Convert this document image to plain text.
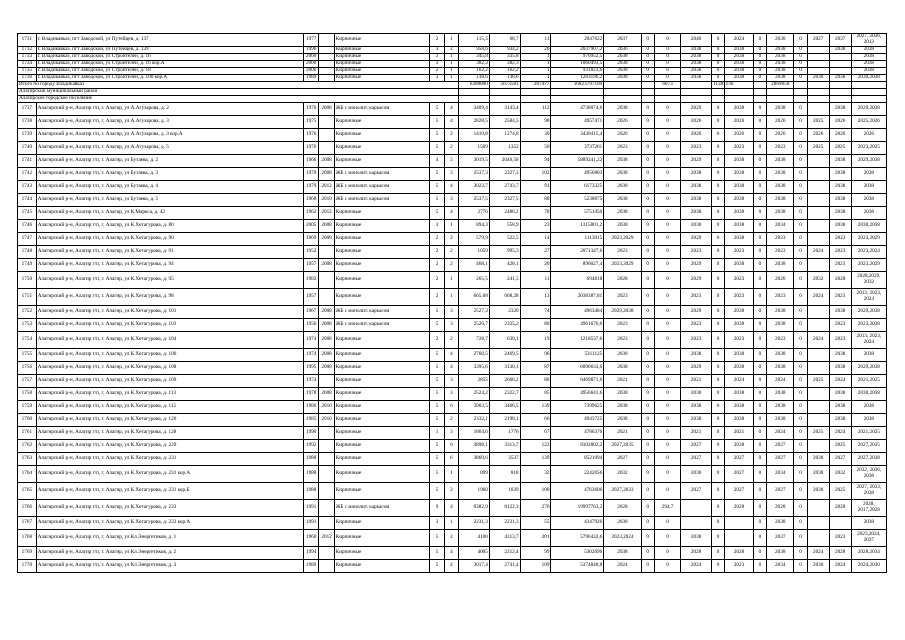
1731	г. Владикавказ, пгт Заводской, ул Путейцев, д. 137	1977		Кирпичные	2	1	115,5	68,7	11	2047622	2037	0	0	2046	0	2024	0	2030	0	2027	2037	2027, 2036, 2013
1732	г. Владикавказ, пгт Заводской, ул Путейцев, д. 139	1996		Кирпичные	3	2	958,6	934,2	26	2037907,2	2036	0	0	2038	0	2038	0	2038	0		2038	2038
1733	г. Владикавказ, пгт Заводской, ул Строителей, д. 16	2000		Кирпичные	3	1	345,8	335,8	1	976952,5	2038	0	0	2038	0	2038	0	2038	0			2038
1734	г. Владикавказ, пгт Заводской, ул Строителей, д. 16 кор.А	2000		Кирпичные	3	1	382,3	382,3	1	1060493,5	2038	0	0	2038	0	2038	0	2038	0			2038
1735	г. Владикавказ, пгт Заводской, ул Строителей, д. 18	2000		Кирпичные	2	1	162,2	162,2	1	931823,6	2038	0	0	2038	0	2038	0	2038	0			2038
1736	г. Владикавказ, пгт Заводской, ул Строителей, д. 100 кор.А	1989		Кирпичные	3	1	138,6	138,6	1	1283196,2	2038	0	0	2038	0	2038	0	2038	0	2030	2038	2030,2038
Итого по городу Владикавказ							6308800	5673581	207477	16823797109			6073		11381136			2869858				
Алагирский муниципальный район																						
Алагирское городское поселение																						
1737	Алагирский р-н, Алагир г/п, г. Алагир, ул А.Агузарова, д. 2	1970	2008	ЖБ с монолит. каркасом	5	4	3409,4	3143,4	112	4738074,6	2038	0	0	2029	0	2038	0	2038	0		2038	2029,2038
1738	Алагирский р-н, Алагир г/п, г. Алагир, ул А.Агузарова, д. 3	1975		Кирпичные	5	4	2828,5	2584,5	98	4957471	2026	0	0	2026	0	2026	0	2026	0	2025	2026	2025,2026
1739	Алагирский р-н, Алагир г/п, г. Алагир, ул А.Агузарова, д. 3 кор.А	1976		Кирпичные	5	2	1410,8	1274,8	30	3430415,4	2026	0	0	2026	0	2026	0	2026	0	2026	2026	2026
1740	Алагирский р-н, Алагир г/п, г. Алагир, ул А.Агузарова, д. 5	1976		Кирпичные	5	2	1509	1352	50	3737261	2023	0	0	2023	0	2023	0	2023	0	2025	2025	2023,2025
1741	Алагирский р-н, Алагир г/п, г. Алагир, ул Бутаева, д. 2	1966	2008	Кирпичные	4	5	3019,5	2046,58	94	5889241,22	2038	0	0	2029	0	2038	0	2038	0		2038	2029,2038
1742	Алагирский р-н, Алагир г/п, г. Алагир, ул Бутаева, д. 3	1970	2008	ЖБ с монолит. каркасом	5	3	2537,3	2327,3	102	4956803	2038	0	0	2038	0	2038	0	2038	0		2038	2038
1743	Алагирский р-н, Алагир г/п, г. Алагир, ул Бутаева, д. 4	1979	2012	ЖБ с монолит. каркасом	5	4	3023,7	2743,7	91	6173325	2038	0	0	2038	0	2038	0	2038	0		2038	2038
1744	Алагирский р-н, Алагир г/п, г. Алагир, ул Бутаева, д. 5	1968	2010	ЖБ с монолит. каркасом	5	3	2537,5	2327,5	88	5238875	2038	0	0	2038	0	2038	0	2038	0		2038	2038
1745	Алагирский р-н, Алагир г/п, г. Алагир, ул К.Маркса, д. 42	1962	2012	Кирпичные	5	4	2776	2486,2	78	5751450	2038	0	0	2038	0	2038	0	2038	0		2038	2038
1746	Алагирский р-н, Алагир г/п, г. Алагир, ул К.Хетагурова, д. 80	2005	2008	Кирпичные	3	1	894,3	558,9	23	1315801,2	2038	0	0	2030	0	2038	0	2034	0		2038	2030,2038
1747	Алагирский р-н, Алагир г/п, г. Алагир, ул К.Хетагурова, д. 90	1969	2008	Кирпичные	2	2	579,9	522,5	14	1113015	2023,2029	0	0	2029	0	2038	0	2023	0		2023	2023,2029
1748	Алагирский р-н, Алагир г/п, г. Алагир, ул К.Хетагурова, д. 91	1952		Кирпичные	2	2	1059	995,3	27	2071347,6	2023	0	0	2023	0	2023	0	2023	0	2024	2023	2023,2024
1749	Алагирский р-н, Алагир г/п, г. Алагир, ул К.Хетагурова, д. 94	1957	2008	Кирпичные	2	2	468,1	428,1	20	896027,4	2023,2029	0	0	2029	0	2038	0	2038	0		2023	2023,2029
1750	Алагирский р-н, Алагир г/п, г. Алагир, ул К.Хетагурова, д. 95	1982		Кирпичные	2	1	265,5	241,5	11	694818	2028	0	0	2029	0	2023	0	2026	0	2032	2028	2028,2029, 2032
1751	Алагирский р-н, Алагир г/п, г. Алагир, ул К.Хетагурова, д. 98	1957		Кирпичные	2	1	665,68	608,28	13	2038387,81	2023	0	0	2023	0	2023	0	2023	0	2024	2023	2013, 2023, 2024
1752	Алагирский р-н, Алагир г/п, г. Алагир, ул К.Хетагурова, д. 101	1967	2008	ЖБ с монолит. каркасом	5	3	2527,3	2320	74	4963484	2029,2038	0	0	2029	0	2038	0	2038	0		2038	2029,2038
1753	Алагирский р-н, Алагир г/п, г. Алагир, ул К.Хетагурова, д. 103	1956	2008	ЖБ с монолит. каркасом	5	3	2526,7	2325,2	80	4961676,6	2023	0	0	2023	0	2038	0	2038	0		2023	2023,2038
1754	Алагирский р-н, Алагир г/п, г. Алагир, ул К.Хетагурова, д. 104	1974	2008	Кирпичные	2	2	728,7	630,1	19	1218537,6	2023	0	0	2023	0	2023	0	2023	0	2024	2023	2013, 2023, 2024
1755	Алагирский р-н, Алагир г/п, г. Алагир, ул К.Хетагурова, д. 106	1974	2008	Кирпичные	5	4	2760,5	2469,5	96	5311125	2038	0	0	2038	0	2038	0	2038	0		2038	2038
1756	Алагирский р-н, Алагир г/п, г. Алагир, ул К.Хетагурова, д. 108	1995	2008	Кирпичные	5	4	3395,6	3130,1	87	6096633,6	2038	0	0	2029	0	2038	0	2038	0		2038	2029,2038
1757	Алагирский р-н, Алагир г/п, г. Алагир, ул К.Хетагурова, д. 109	1974		Кирпичные	5	3	2855	2666,2	86	6469871,6	2021	0	0	2021	0	2024	0	2024	0	2025	2024	2021,2025
1758	Алагирский р-н, Алагир г/п, г. Алагир, ул К.Хетагурова, д. 113	1978	2008	Кирпичные	5	3	2524,2	2322,7	85	4956641,6	2038	0	0	2030	0	2038	0	2038	0		2038	2030,2038
1759	Алагирский р-н, Алагир г/п, г. Алагир, ул К.Хетагурова, д. 115	1980	2010	Кирпичные	5	6	3903,5	3466,5	139	7399625	2038	0	0	2038	0	2038	0	2038	0		2038	2038
1760	Алагирский р-н, Алагир г/п, г. Алагир, ул К.Хетагурова, д. 120	1985	2010	Кирпичные	5	2	2332,1	2198,1	66	4943725	2038	0	0	2038	0	2038	0	2038	0		2038	2038
1761	Алагирский р-н, Алагир г/п, г. Алагир, ул К.Хетагурова, д. 128	1990		Кирпичные	1	3	1864,6	1776	67	4786376	2021	0	0	2021	0	2021	0	2024	0	2025	2024	2021,2025
1762	Алагирский р-н, Алагир г/п, г. Алагир, ул К.Хетагурова, д. 229	1992		Кирпичные	5	6	3898,1	3313,7	122	8102802,2	2027,2035	0	0	2027	0	2038	0	2027	0		2025	2027,2035
1763	Алагирский р-н, Алагир г/п, г. Алагир, ул К.Хетагурова, д. 231	1988		Кирпичные	5	6	3869,6	3537	139	8521094	2027	0	0	2027	0	2027	0	2027	0	2038	2027	2027,2038
1764	Алагирский р-н, Алагир г/п, г. Алагир, ул К.Хетагурова, д. 231 кор.А	1988		Кирпичные	5	1	899	818	32	2242056	2032	0	0	2036	0	2027	0	2034	0	2038	2032	2032, 2036, 2038
1765	Алагирский р-н, Алагир г/п, г. Алагир, ул К.Хетагурова, д. 231 кор.Б	1988		Кирпичные	5	2	1960	1839	100	4763606	2027,2033	0	0	2027	0	2027	0	2027	0	2038	2025	2027, 2033, 2038
1766	Алагирский р-н, Алагир г/п, г. Алагир, ул К.Хетагурова, д. 233	1991		ЖБ с монолит. каркасом	9	4	9382,9	8122,3	276	19997763,2	2028	0	294,7		0	2028	0	2028	0		2028	2028, 2017,2028
1767	Алагирский р-н, Алагир г/п, г. Алагир, ул К.Хетагурова, д. 233 кор.А	1991		Кирпичные	3	1	2231,3	2231,3	55	4347926	2038	0	0		0		0	2038	0			2038
1768	Алагирский р-н, Алагир г/п, г. Алагир, ул Кл.Энергетиков, д. 1	1960	2012	Кирпичные	5	2	4100	4313,7	201	5796432,6	2023,2024	0	0	2038	0		0	2037	0		2023	2023,2024, 2037
1769	Алагирский р-н, Алагир г/п, г. Алагир, ул Кл.Энергетиков, д. 2	1994		Кирпичные	5	4	4005	2212,4	99	5302696	2038	0	0	2028	0	2028	0	2038	0	2024	2028	2028,2034
1770	Алагирский р-н, Алагир г/п, г. Алагир, ул Кл.Энергетиков, д. 3	1989		Кирпичные	5	4	3017,4	2741,4	109	5374848,8	2024	0	0	2024	0	2023	0	2034	0	2030	2024	2024,2030
